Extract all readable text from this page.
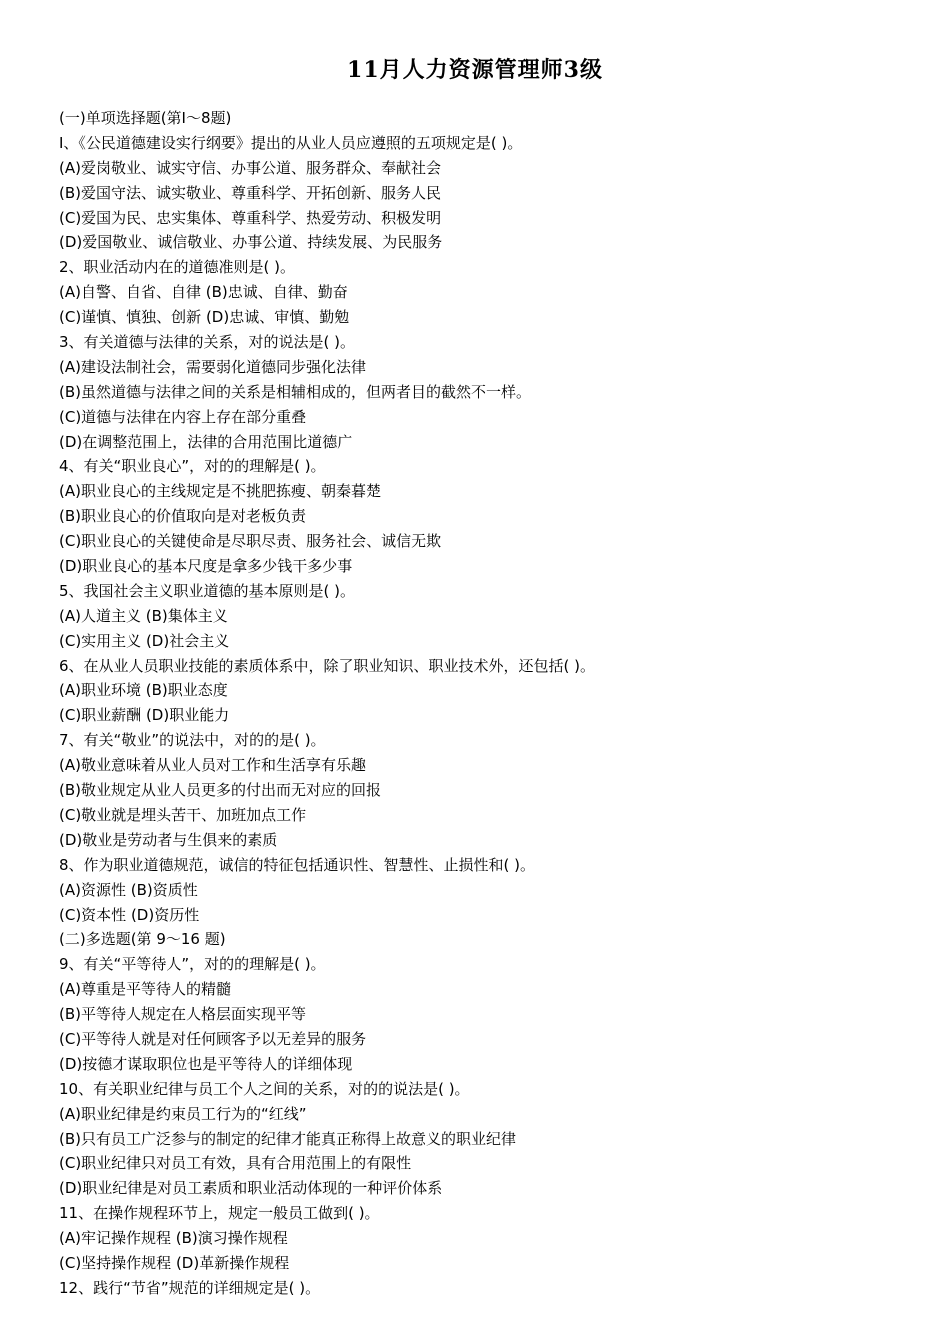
11月人力资源管理师3级
(一)单项选择题(第I～8题)
I、《公民道德建设实行纲要》提出的从业人员应遵照的五项规定是( )。
(A)爱岗敬业、诚实守信、办事公道、服务群众、奉献社会
(B)爱国守法、诚实敬业、尊重科学、开拓创新、服务人民
(C)爱国为民、忠实集体、尊重科学、热爱劳动、积极发明
(D)爱国敬业、诚信敬业、办事公道、持续发展、为民服务
2、职业活动内在的道德准则是( )。
(A)自警、自省、自律 (B)忠诚、自律、勤奋
(C)谨慎、慎独、创新 (D)忠诚、审慎、勤勉
3、有关道德与法律的关系，对的说法是( )。
(A)建设法制社会，需要弱化道德同步强化法律
(B)虽然道德与法律之间的关系是相辅相成的，但两者目的截然不一样。
(C)道德与法律在内容上存在部分重叠
(D)在调整范围上，法律的合用范围比道德广
4、有关“职业良心”，对的的理解是( )。
(A)职业良心的主线规定是不挑肥拣瘦、朝秦暮楚
(B)职业良心的价值取向是对老板负责
(C)职业良心的关键使命是尽职尽责、服务社会、诚信无欺
(D)职业良心的基本尺度是拿多少钱干多少事
5、我国社会主义职业道德的基本原则是( )。
(A)人道主义 (B)集体主义
(C)实用主义 (D)社会主义
6、在从业人员职业技能的素质体系中，除了职业知识、职业技术外，还包括( )。
(A)职业环境 (B)职业态度
(C)职业薪酬 (D)职业能力
7、有关“敬业”的说法中，对的的是( )。
(A)敬业意味着从业人员对工作和生活享有乐趣
(B)敬业规定从业人员更多的付出而无对应的回报
(C)敬业就是埋头苦干、加班加点工作
(D)敬业是劳动者与生俱来的素质
8、作为职业道德规范，诚信的特征包括通识性、智慧性、止损性和( )。
(A)资源性 (B)资质性
(C)资本性 (D)资历性
(二)多选题(第 9～16 题)
9、有关“平等待人”，对的的理解是( )。
(A)尊重是平等待人的精髓
(B)平等待人规定在人格层面实现平等
(C)平等待人就是对任何顾客予以无差异的服务
(D)按德才谋取职位也是平等待人的详细体现
10、有关职业纪律与员工个人之间的关系，对的的说法是( )。
(A)职业纪律是约束员工行为的“红线”
(B)只有员工广泛参与的制定的纪律才能真正称得上故意义的职业纪律
(C)职业纪律只对员工有效，具有合用范围上的有限性
(D)职业纪律是对员工素质和职业活动体现的一种评价体系
11、在操作规程环节上，规定一般员工做到( )。
(A)牢记操作规程 (B)演习操作规程
(C)坚持操作规程 (D)革新操作规程
12、践行“节省”规范的详细规定是( )。
